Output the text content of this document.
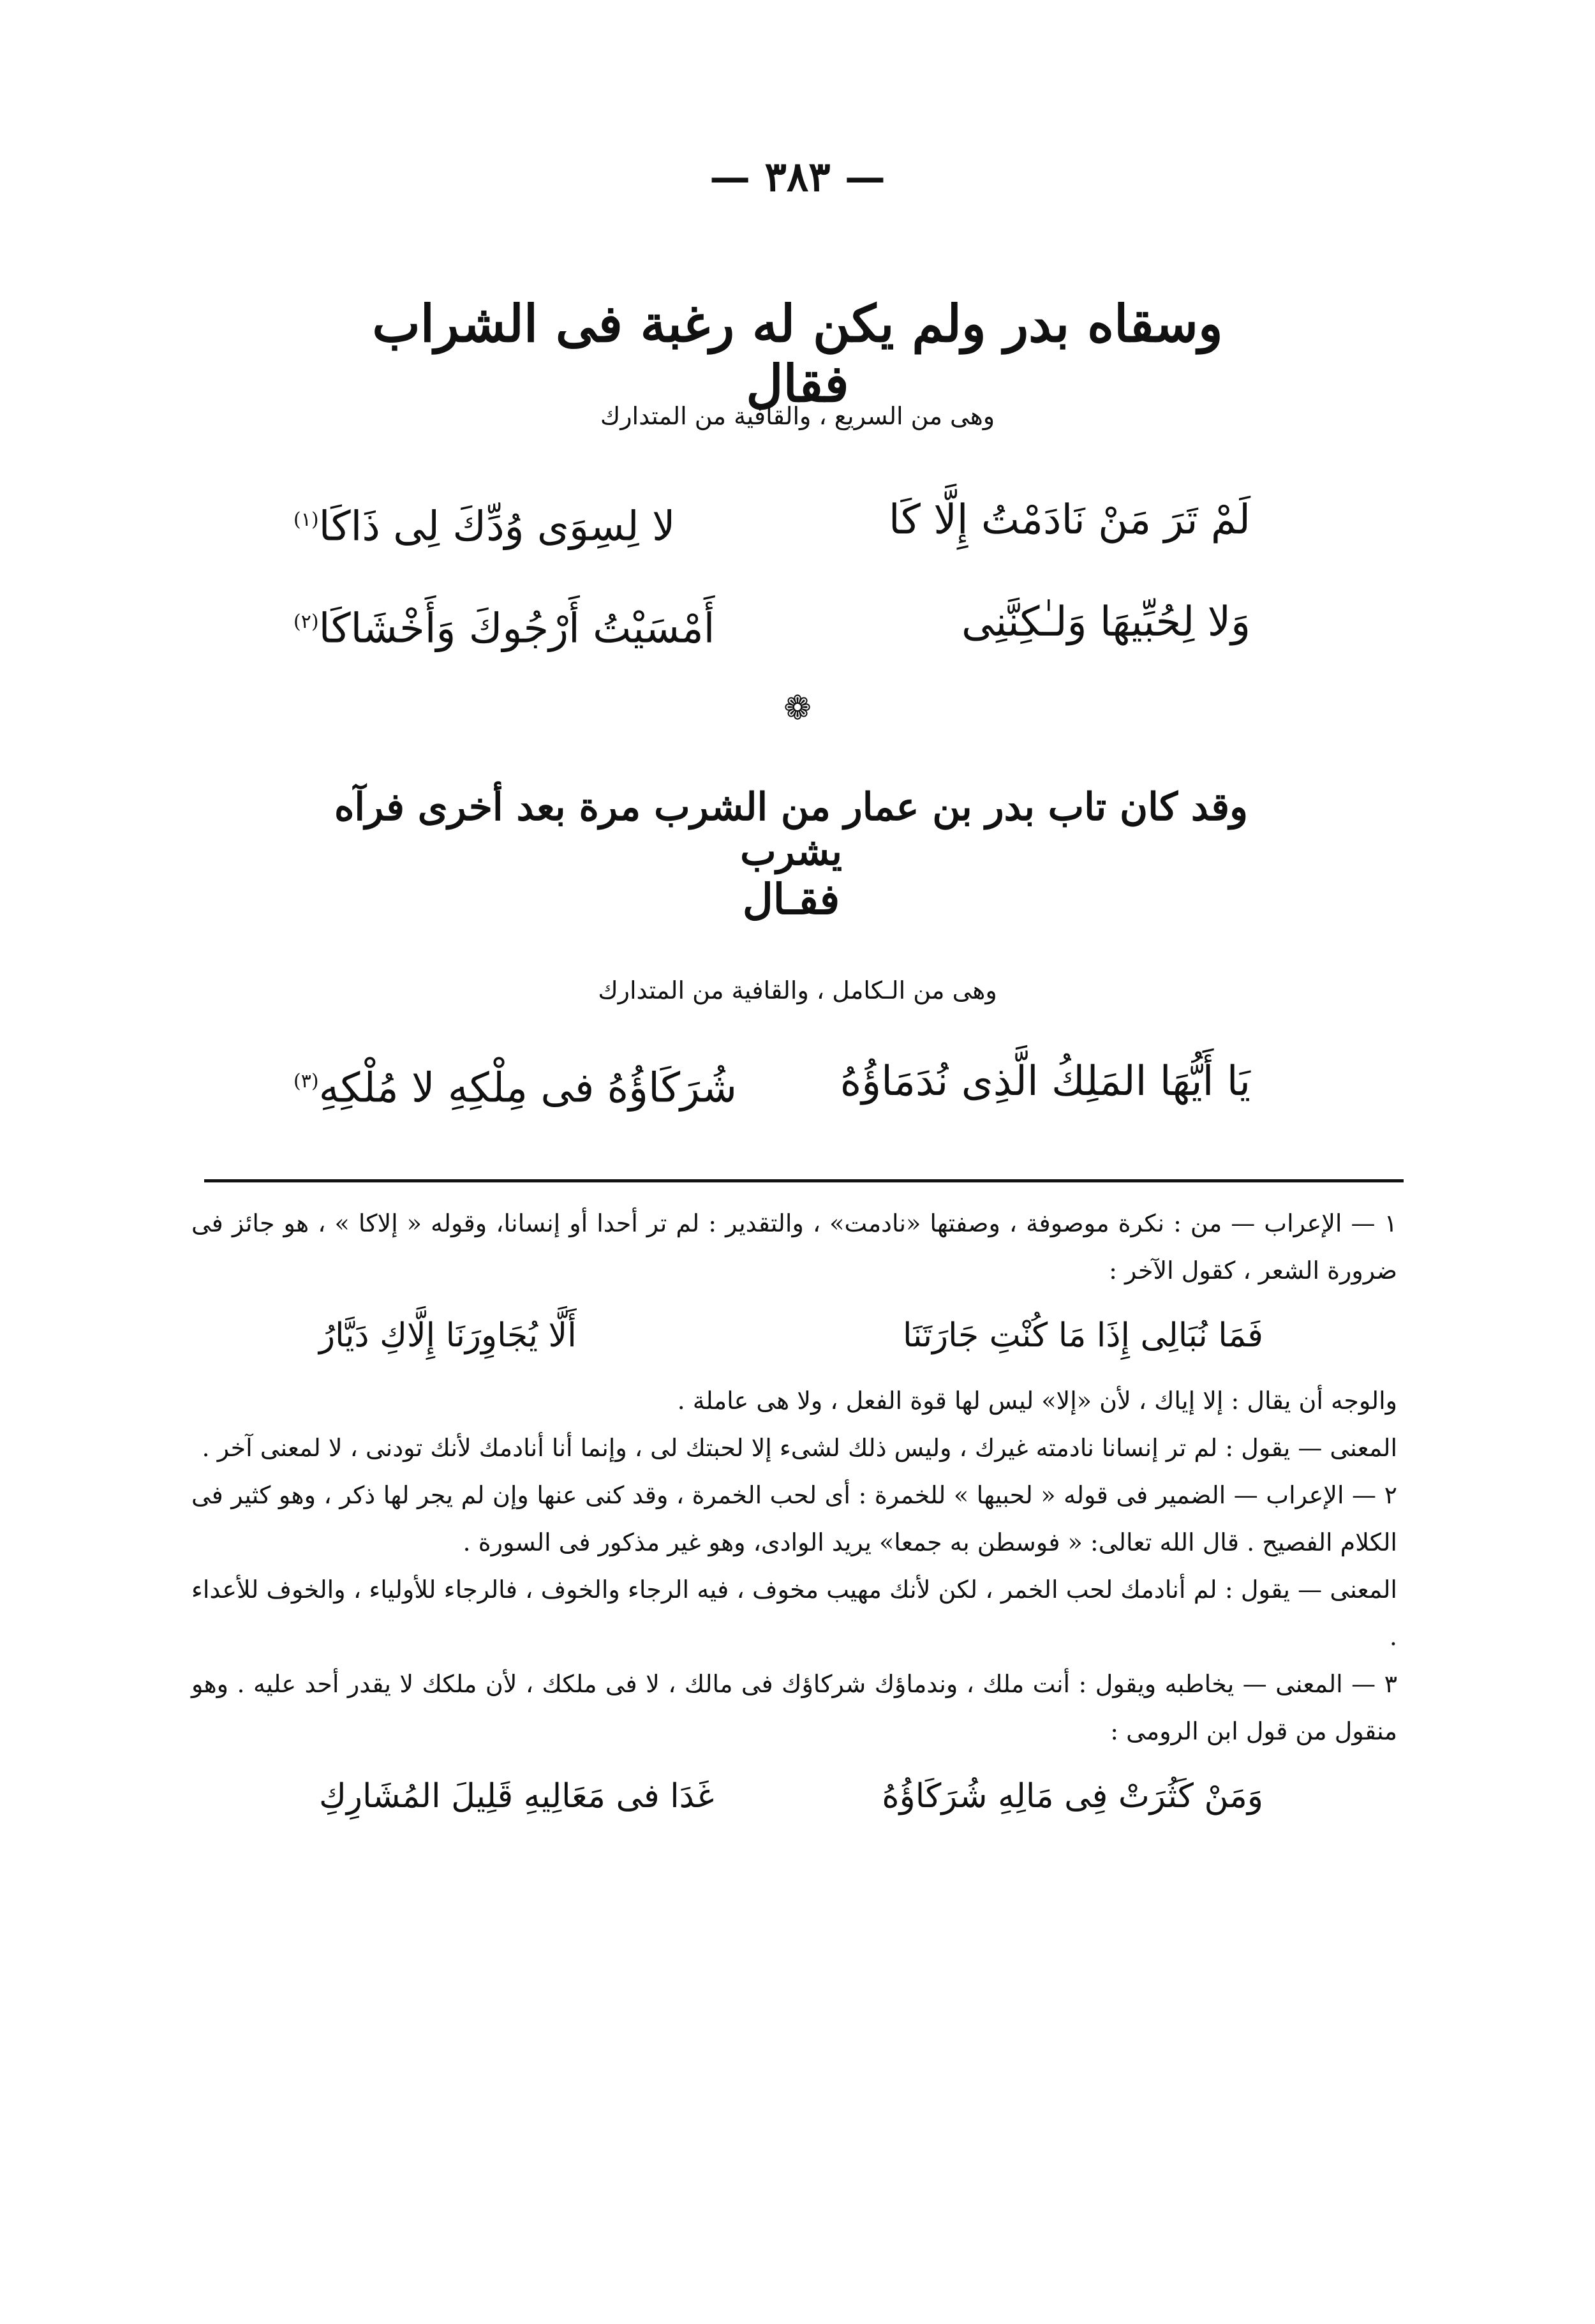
— ٣٨٣ —
وسقاه بدر ولم يكن له رغبة فى الشراب فقال
وهى من السريع ، والقافية من المتدارك
لَمْ تَرَ مَنْ نَادَمْتُ إِلَّا كَا
لا لِسِوَى وُدِّكَ لِى ذَاكَا$^{(١)}$
وَلا لِحُبِّيهَا وَلـٰكِنَّنِى
أَمْسَيْتُ أَرْجُوكَ وَأَخْشَاكَا$^{(٢)}$
❁
وقد كان تاب بدر بن عمار من الشرب مرة بعد أخرى فرآه يشرب
فقـال
وهى من الـكامل ، والقافية من المتدارك
يَا أَيُّهَا المَلِكُ الَّذِى نُدَمَاؤُهُ
شُرَكَاؤُهُ فى مِلْكِهِ لا مُلْكِهِ$^{(٣)}$

١ — الإعراب — من : نكرة موصوفة ، وصفتها «نادمت» ، والتقدير : لم تر أحدا أو إنسانا، وقوله « إلاكا » ، هو جائز فى ضرورة الشعر ، كقول الآخر :

فَمَا نُبَالِى إِذَا مَا كُنْتِ جَارَتَنَا
أَلَّا يُجَاوِرَنَا إِلَّاكِ دَيَّارُ

والوجه أن يقال : إلا إياك ، لأن «إلا» ليس لها قوة الفعل ، ولا هى عاملة .

المعنى — يقول : لم تر إنسانا نادمته غيرك ، وليس ذلك لشىء إلا لحبتك لى ، وإنما أنا أنادمك لأنك تودنى ، لا لمعنى آخر .

٢ — الإعراب — الضمير فى قوله « لحبيها » للخمرة : أى لحب الخمرة ، وقد كنى عنها وإن لم يجر لها ذكر ، وهو كثير فى الكلام الفصيح . قال الله تعالى: « فوسطن به جمعا» يريد الوادى، وهو غير مذكور فى السورة .

المعنى — يقول : لم أنادمك لحب الخمر ، لكن لأنك مهيب مخوف ، فيه الرجاء والخوف ، فالرجاء للأولياء ، والخوف للأعداء .

٣ — المعنى — يخاطبه ويقول : أنت ملك ، وندماؤك شركاؤك فى مالك ، لا فى ملكك ، لأن ملكك لا يقدر أحد عليه . وهو منقول من قول ابن الرومى :

وَمَنْ كَثُرَتْ فِى مَالِهِ شُرَكَاؤُهُ
غَدَا فى مَعَالِيهِ قَلِيلَ المُشَارِكِ
